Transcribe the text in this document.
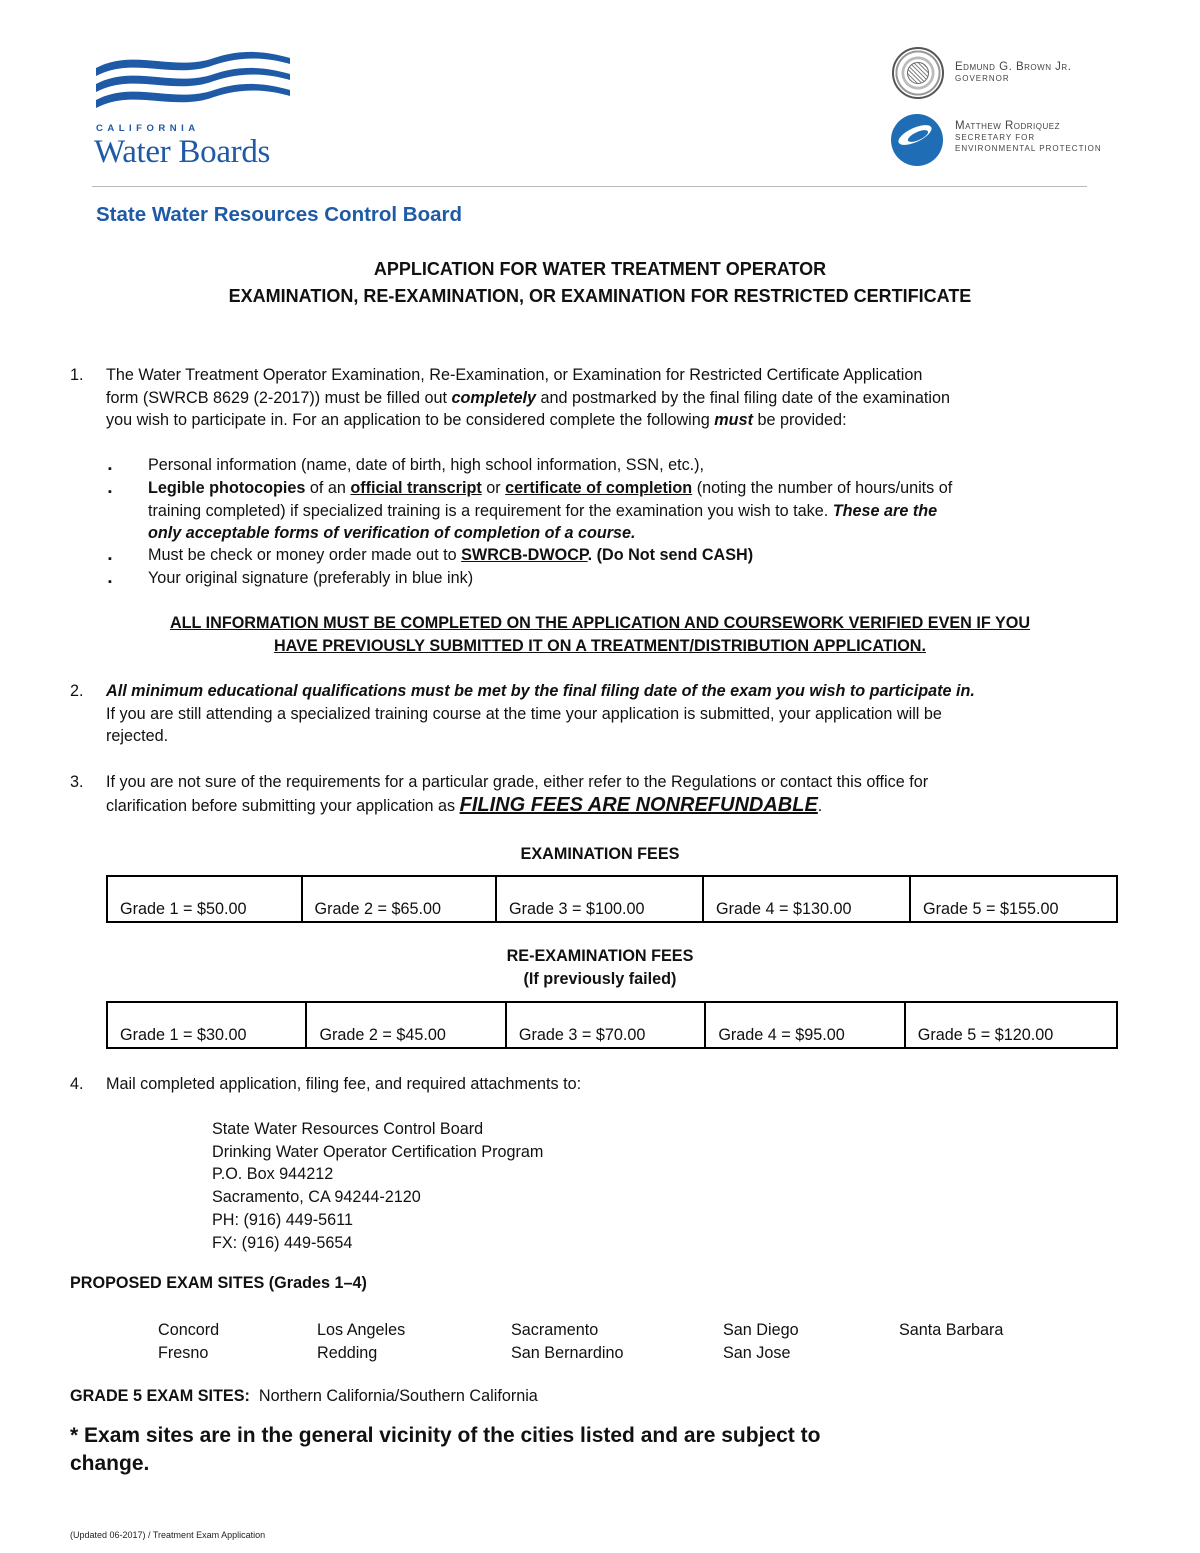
CALIFORNIA
Water Boards
Edmund G. Brown Jr.
GOVERNOR
Matthew Rodriquez
SECRETARY FOR
ENVIRONMENTAL PROTECTION
State Water Resources Control Board
APPLICATION FOR WATER TREATMENT OPERATOR
EXAMINATION, RE-EXAMINATION, OR EXAMINATION FOR RESTRICTED CERTIFICATE
1. The Water Treatment Operator Examination, Re-Examination, or Examination for Restricted Certificate Application
form (SWRCB 8629 (2-2017)) must be filled out completely and postmarked by the final filing date of the examination
you wish to participate in. For an application to be considered complete the following must be provided:
▪ Personal information (name, date of birth, high school information, SSN, etc.),
▪ Legible photocopies of an official transcript or certificate of completion (noting the number of hours/units of
training completed) if specialized training is a requirement for the examination you wish to take. These are the
only acceptable forms of verification of completion of a course.
▪ Must be check or money order made out to SWRCB-DWOCP. (Do Not send CASH)
▪ Your original signature (preferably in blue ink)
ALL INFORMATION MUST BE COMPLETED ON THE APPLICATION AND COURSEWORK VERIFIED EVEN IF YOU
HAVE PREVIOUSLY SUBMITTED IT ON A TREATMENT/DISTRIBUTION APPLICATION.
2. All minimum educational qualifications must be met by the final filing date of the exam you wish to participate in.
If you are still attending a specialized training course at the time your application is submitted, your application will be
rejected.
3. If you are not sure of the requirements for a particular grade, either refer to the Regulations or contact this office for
clarification before submitting your application as FILING FEES ARE NONREFUNDABLE.
EXAMINATION FEES
Grade 1 = $50.00	Grade 2 = $65.00	Grade 3 = $100.00	Grade 4 = $130.00	Grade 5 = $155.00
RE-EXAMINATION FEES
(If previously failed)
Grade 1 = $30.00	Grade 2 = $45.00	Grade 3 = $70.00	Grade 4 = $95.00	Grade 5 = $120.00
4. Mail completed application, filing fee, and required attachments to:
State Water Resources Control Board
Drinking Water Operator Certification Program
P.O. Box 944212
Sacramento, CA 94244-2120
PH: (916) 449-5611
FX: (916) 449-5654
PROPOSED EXAM SITES (Grades 1–4)
Concord	Los Angeles	Sacramento	San Diego	Santa Barbara
Fresno	Redding	San Bernardino	San Jose
GRADE 5 EXAM SITES:  Northern California/Southern California
* Exam sites are in the general vicinity of the cities listed and are subject to
change.
(Updated 06-2017) / Treatment Exam Application
